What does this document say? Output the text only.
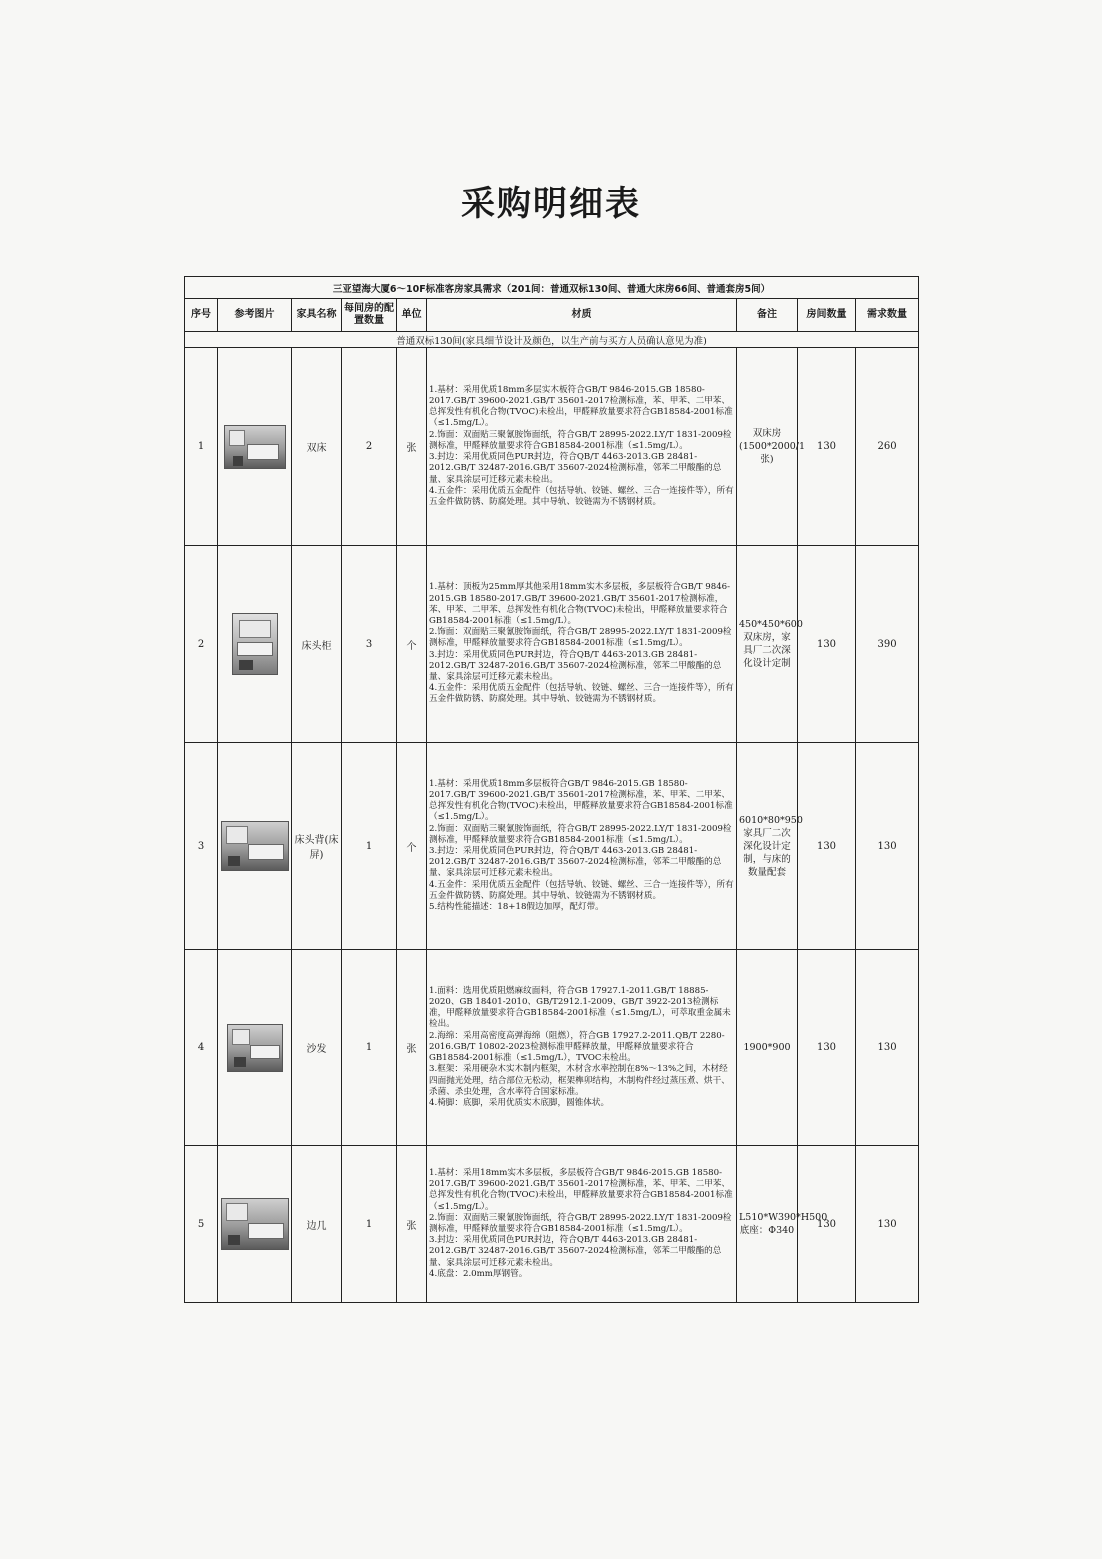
采购明细表
三亚望海大厦6～10F标准客房家具需求（201间：普通双标130间、普通大床房66间、普通套房5间）								
序号	参考图片	家具名称	每间房的配置数量	单位	材质	备注	房间数量	需求数量
普通双标130间(家具细节设计及颜色，以生产前与买方人员确认意见为准)								
1		双床	2	张	1.基材：采用优质18mm多层实木板符合GB/T 9846-2015.GB 18580-2017.GB/T 39600-2021.GB/T 35601-2017检测标准，苯、甲苯、二甲苯、总挥发性有机化合物(TVOC)未检出，甲醛释放量要求符合GB18584-2001标准（≤1.5mg/L）。
2.饰面：双面贴三聚氰胺饰面纸，符合GB/T 28995-2022.LY/T 1831-2009检测标准，甲醛释放量要求符合GB18584-2001标准（≤1.5mg/L）。
3.封边：采用优质同色PUR封边，符合QB/T 4463-2013.GB 28481-2012.GB/T 32487-2016.GB/T 35607-2024检测标准，邻苯二甲酸酯的总量、家具涂层可迁移元素未检出。
4.五金件：采用优质五金配件（包括导轨、铰链、螺丝、三合一连接件等），所有五金件做防锈、防腐处理。其中导轨、铰链需为不锈钢材质。	双床房(1500*2000/1张)	130	260
2		床头柜	3	个	1.基材：顶板为25mm厚其他采用18mm实木多层板，多层板符合GB/T 9846-2015.GB 18580-2017.GB/T 39600-2021.GB/T 35601-2017检测标准，苯、甲苯、二甲苯、总挥发性有机化合物(TVOC)未检出，甲醛释放量要求符合GB18584-2001标准（≤1.5mg/L）。
2.饰面：双面贴三聚氰胺饰面纸，符合GB/T 28995-2022.LY/T 1831-2009检测标准，甲醛释放量要求符合GB18584-2001标准（≤1.5mg/L）。
3.封边：采用优质同色PUR封边，符合QB/T 4463-2013.GB 28481-2012.GB/T 32487-2016.GB/T 35607-2024检测标准，邻苯二甲酸酯的总量、家具涂层可迁移元素未检出。
4.五金件：采用优质五金配件（包括导轨、铰链、螺丝、三合一连接件等），所有五金件做防锈、防腐处理。其中导轨、铰链需为不锈钢材质。	450*450*600双床房，家具厂二次深化设计定制	130	390
3		床头背(床屏)	1	个	1.基材：采用优质18mm多层板符合GB/T 9846-2015.GB 18580-2017.GB/T 39600-2021.GB/T 35601-2017检测标准，苯、甲苯、二甲苯、总挥发性有机化合物(TVOC)未检出，甲醛释放量要求符合GB18584-2001标准（≤1.5mg/L）。
2.饰面：双面贴三聚氰胺饰面纸，符合GB/T 28995-2022.LY/T 1831-2009检测标准，甲醛释放量要求符合GB18584-2001标准（≤1.5mg/L）。
3.封边：采用优质同色PUR封边，符合QB/T 4463-2013.GB 28481-2012.GB/T 32487-2016.GB/T 35607-2024检测标准，邻苯二甲酸酯的总量、家具涂层可迁移元素未检出。
4.五金件：采用优质五金配件（包括导轨、铰链、螺丝、三合一连接件等），所有五金件做防锈、防腐处理。其中导轨、铰链需为不锈钢材质。
5.结构性能描述：18+18假边加厚，配灯带。	6010*80*950家具厂二次深化设计定制，与床的数量配套	130	130
4		沙发	1	张	1.面料：选用优质阻燃麻纹面料，符合GB 17927.1-2011.GB/T 18885-2020、GB 18401-2010、GB/T2912.1-2009、GB/T 3922-2013检测标准，甲醛释放量要求符合GB18584-2001标准（≤1.5mg/L），可萃取重金属未检出。
2.海绵：采用高密度高弹海绵（阻燃），符合GB 17927.2-2011.QB/T 2280-2016.GB/T 10802-2023检测标准甲醛释放量，甲醛释放量要求符合GB18584-2001标准（≤1.5mg/L），TVOC未检出。
3.框架：采用硬杂木实木制内框架，木材含水率控制在8%～13%之间，木材经四面抛光处理，结合部位无松动，框架榫卯结构，木制构件经过蒸压煮、烘干、杀菌、杀虫处理，含水率符合国家标准。
4.椅脚：底脚，采用优质实木底脚，圆锥体状。	1900*900	130	130
5		边几	1	张	1.基材：采用18mm实木多层板，多层板符合GB/T 9846-2015.GB 18580-2017.GB/T 39600-2021.GB/T 35601-2017检测标准，苯、甲苯、二甲苯、总挥发性有机化合物(TVOC)未检出，甲醛释放量要求符合GB18584-2001标准（≤1.5mg/L）。
2.饰面：双面贴三聚氰胺饰面纸，符合GB/T 28995-2022.LY/T 1831-2009检测标准，甲醛释放量要求符合GB18584-2001标准（≤1.5mg/L）。
3.封边：采用优质同色PUR封边，符合QB/T 4463-2013.GB 28481-2012.GB/T 32487-2016.GB/T 35607-2024检测标准，邻苯二甲酸酯的总量、家具涂层可迁移元素未检出。
4.底盘：2.0mm厚钢管。	L510*W390*H500底座：Φ340	130	130
